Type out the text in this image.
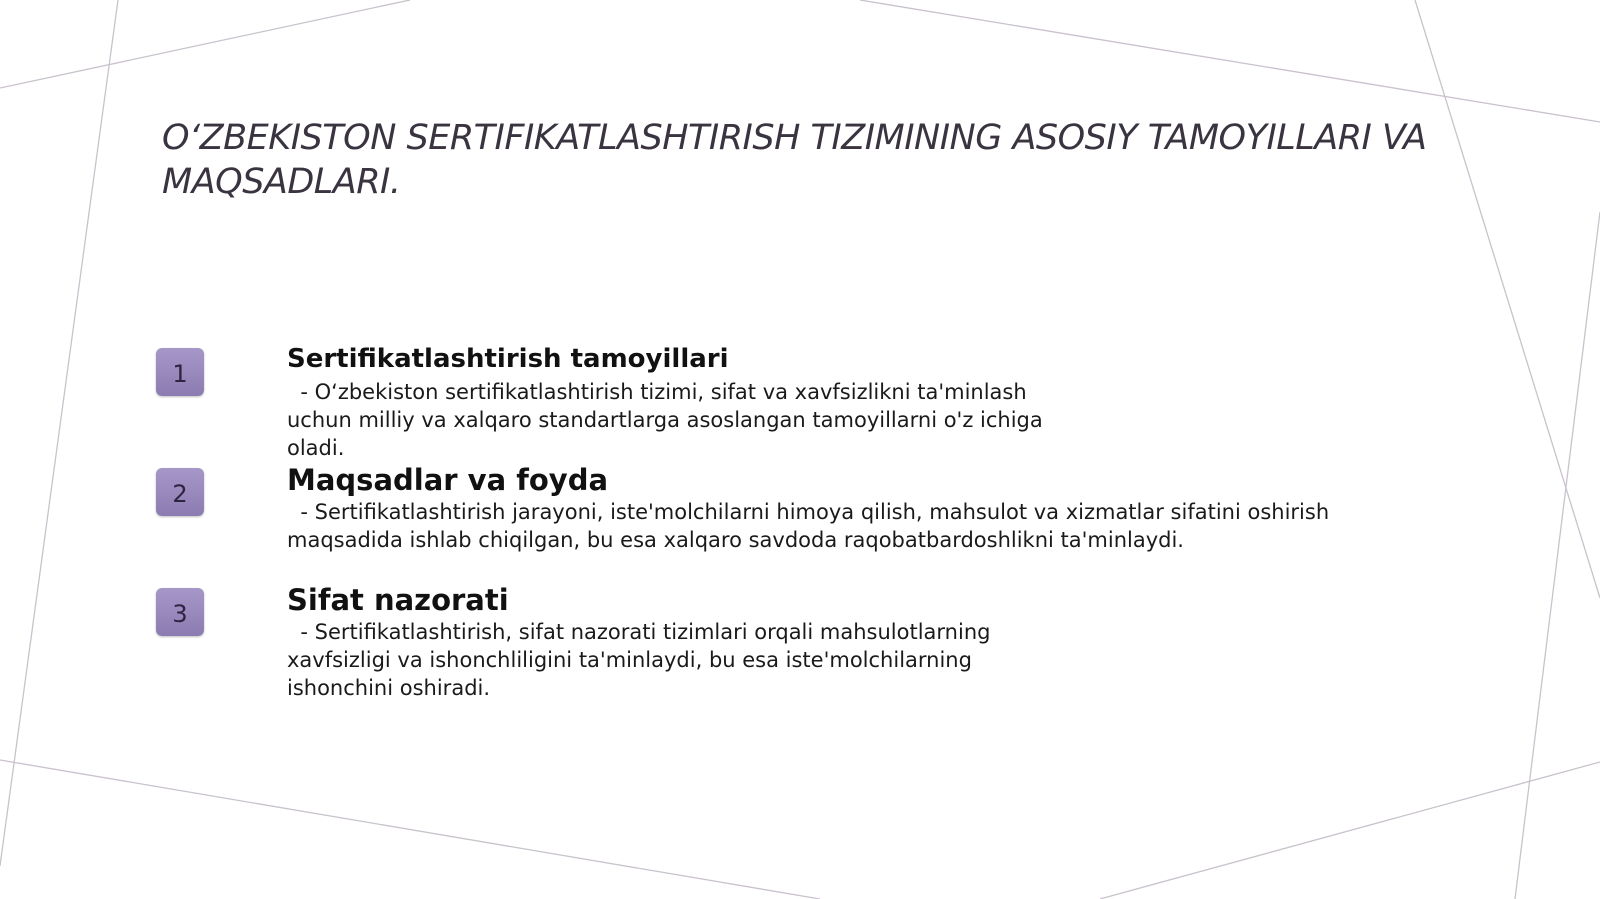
O‘ZBEKISTON SERTIFIKATLASHTIRISH TIZIMINING ASOSIY TAMOYILLARI VA MAQSADLARI.
1	Sertifikatlashtirish tamoyillari

- O‘zbekiston sertifikatlashtirish tizimi, sifat va xavfsizlikni ta'minlash
uchun milliy va xalqaro standartlarga asoslangan tamoyillarni o'z ichiga
oladi.

2	Maqsadlar va foyda

- Sertifikatlashtirish jarayoni, iste'molchilarni himoya qilish, mahsulot va xizmatlar sifatini oshirish
maqsadida ishlab chiqilgan, bu esa xalqaro savdoda raqobatbardoshlikni ta'minlaydi.

3	Sifat nazorati

- Sertifikatlashtirish, sifat nazorati tizimlari orqali mahsulotlarning
xavfsizligi va ishonchliligini ta'minlaydi, bu esa iste'molchilarning
ishonchini oshiradi.
